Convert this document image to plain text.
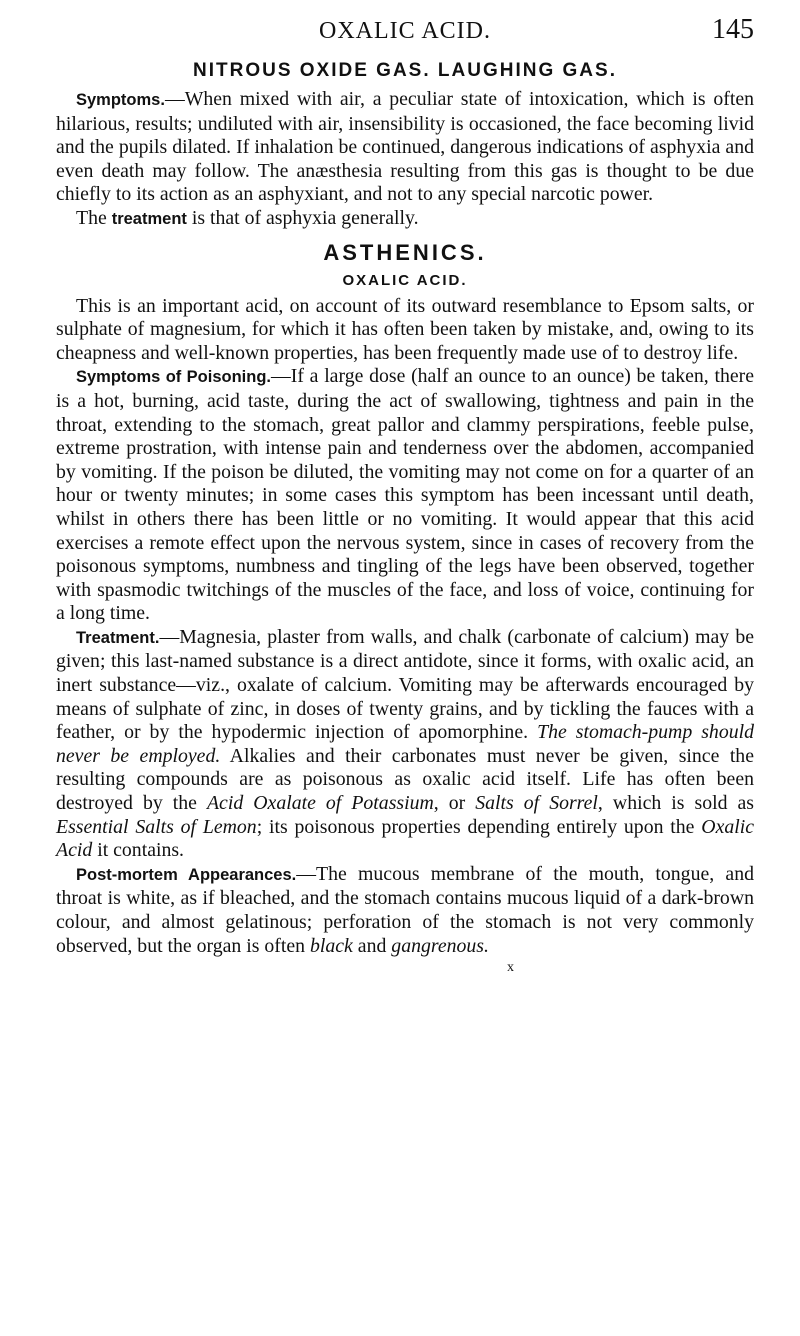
OXALIC ACID.	145
NITROUS OXIDE GAS. LAUGHING GAS.

Symptoms.—When mixed with air, a peculiar state of intoxication, which is often hilarious, results; undiluted with air, insensibility is occasioned, the face becoming livid and the pupils dilated. If inhalation be continued, dangerous indications of asphyxia and even death may follow. The anæsthesia resulting from this gas is thought to be due chiefly to its action as an asphyxiant, and not to any special narcotic power.

The treatment is that of asphyxia generally.

ASTHENICS.
OXALIC ACID.

This is an important acid, on account of its outward resemblance to Epsom salts, or sulphate of magnesium, for which it has often been taken by mistake, and, owing to its cheapness and well-known properties, has been frequently made use of to destroy life.

Symptoms of Poisoning.—If a large dose (half an ounce to an ounce) be taken, there is a hot, burning, acid taste, during the act of swallowing, tightness and pain in the throat, extending to the stomach, great pallor and clammy perspirations, feeble pulse, extreme prostration, with intense pain and tenderness over the abdomen, accompanied by vomiting. If the poison be diluted, the vomiting may not come on for a quarter of an hour or twenty minutes; in some cases this symptom has been incessant until death, whilst in others there has been little or no vomiting. It would appear that this acid exercises a remote effect upon the nervous system, since in cases of recovery from the poisonous symptoms, numbness and tingling of the legs have been observed, together with spasmodic twitchings of the muscles of the face, and loss of voice, continuing for a long time.

Treatment.—Magnesia, plaster from walls, and chalk (carbonate of calcium) may be given; this last-named substance is a direct antidote, since it forms, with oxalic acid, an inert substance—viz., oxalate of calcium. Vomiting may be afterwards encouraged by means of sulphate of zinc, in doses of twenty grains, and by tickling the fauces with a feather, or by the hypodermic injection of apomorphine. The stomach-pump should never be employed. Alkalies and their carbonates must never be given, since the resulting compounds are as poisonous as oxalic acid itself. Life has often been destroyed by the Acid Oxalate of Potassium, or Salts of Sorrel, which is sold as Essential Salts of Lemon; its poisonous properties depending entirely upon the Oxalic Acid it contains.

Post-mortem Appearances.—The mucous membrane of the mouth, tongue, and throat is white, as if bleached, and the stomach contains mucous liquid of a dark-brown colour, and almost gelatinous; perforation of the stomach is not very commonly observed, but the organ is often black and gangrenous.

x
